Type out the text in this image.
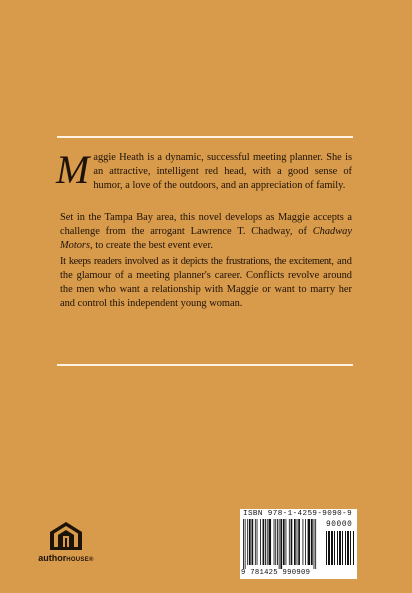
Maggie Heath is a dynamic, successful meeting planner. She is an attractive, intelligent red head, with a good sense of humor, a love of the outdoors, and an appreciation of family.
Set in the Tampa Bay area, this novel develops as Maggie accepts a challenge from the arrogant Lawrence T. Chadway, of Chadway Motors, to create the best event ever.
It keeps readers involved as it depicts the frustrations, the excitement, and the glamour of a meeting planner's career. Conflicts revolve around the men who want a relationship with Maggie or want to marry her and control this independent young woman.
authorHOUSE®
ISBN 978-1-4259-9090-9
90000
9 781425 990909
